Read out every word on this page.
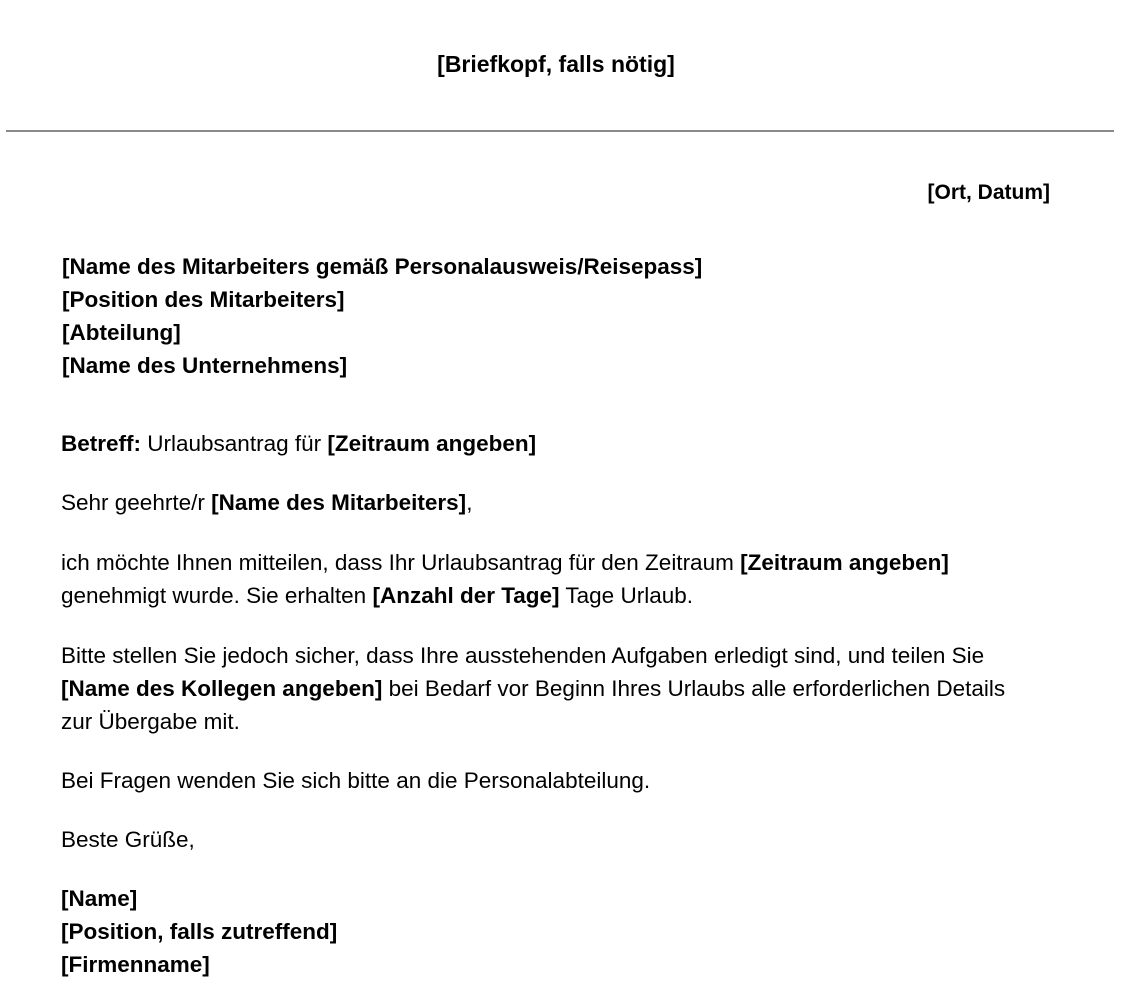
[Briefkopf, falls nötig]
[Ort, Datum]
[Name des Mitarbeiters gemäß Personalausweis/Reisepass]
[Position des Mitarbeiters]
[Abteilung]
[Name des Unternehmens]
Betreff: Urlaubsantrag für [Zeitraum angeben]
Sehr geehrte/r [Name des Mitarbeiters],
ich möchte Ihnen mitteilen, dass Ihr Urlaubsantrag für den Zeitraum [Zeitraum angeben] genehmigt wurde. Sie erhalten [Anzahl der Tage] Tage Urlaub.
Bitte stellen Sie jedoch sicher, dass Ihre ausstehenden Aufgaben erledigt sind, und teilen Sie [Name des Kollegen angeben] bei Bedarf vor Beginn Ihres Urlaubs alle erforderlichen Details zur Übergabe mit.
Bei Fragen wenden Sie sich bitte an die Personalabteilung.
Beste Grüße,
[Name]
[Position, falls zutreffend]
[Firmenname]
